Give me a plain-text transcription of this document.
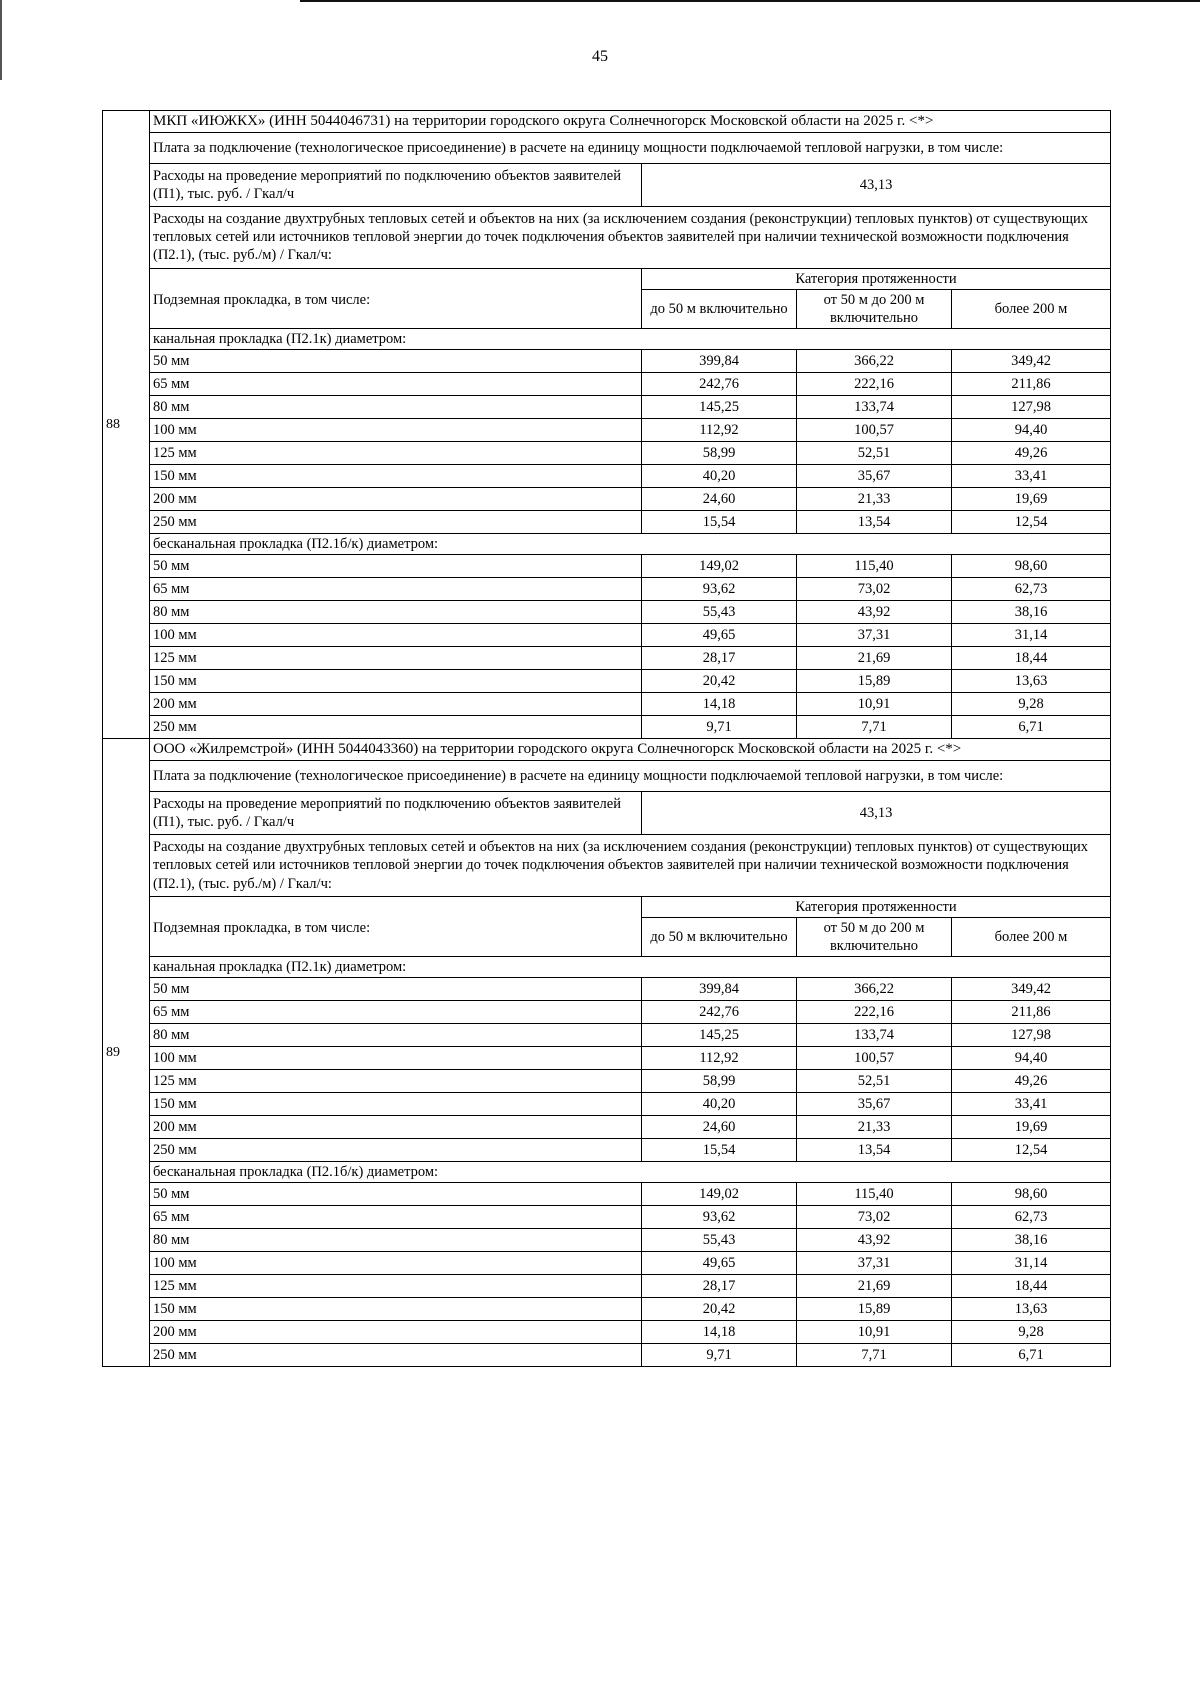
45
88	МКП «ИЮЖКХ» (ИНН 5044046731) на территории городского округа Солнечногорск Московской области на 2025 г. <*>			
	Плата за подключение (технологическое присоединение) в расчете на единицу мощности подключаемой тепловой нагрузки, в том числе:			
	Расходы на проведение мероприятий по подключению объектов заявителей (П1), тыс. руб. / Гкал/ч	43,13		
	Расходы на создание двухтрубных тепловых сетей и объектов на них (за исключением создания (реконструкции) тепловых пунктов) от существующих тепловых сетей или источников тепловой энергии до точек подключения объектов заявителей при наличии технической возможности подключения (П2.1), (тыс. руб./м) / Гкал/ч:			
	Подземная прокладка, в том числе:	Категория протяженности		
		до 50 м включительно	от 50 м до 200 м включительно	более 200 м
	канальная прокладка (П2.1к) диаметром:			
	50 мм	399,84	366,22	349,42
	65 мм	242,76	222,16	211,86
	80 мм	145,25	133,74	127,98
	100 мм	112,92	100,57	94,40
	125 мм	58,99	52,51	49,26
	150 мм	40,20	35,67	33,41
	200 мм	24,60	21,33	19,69
	250 мм	15,54	13,54	12,54
	бесканальная прокладка (П2.1б/к) диаметром:			
	50 мм	149,02	115,40	98,60
	65 мм	93,62	73,02	62,73
	80 мм	55,43	43,92	38,16
	100 мм	49,65	37,31	31,14
	125 мм	28,17	21,69	18,44
	150 мм	20,42	15,89	13,63
	200 мм	14,18	10,91	9,28
	250 мм	9,71	7,71	6,71
89	ООО «Жилремстрой» (ИНН 5044043360) на территории городского округа Солнечногорск Московской области на 2025 г. <*>			
	Плата за подключение (технологическое присоединение) в расчете на единицу мощности подключаемой тепловой нагрузки, в том числе:			
	Расходы на проведение мероприятий по подключению объектов заявителей (П1), тыс. руб. / Гкал/ч	43,13		
	Расходы на создание двухтрубных тепловых сетей и объектов на них (за исключением создания (реконструкции) тепловых пунктов) от существующих тепловых сетей или источников тепловой энергии до точек подключения объектов заявителей при наличии технической возможности подключения (П2.1), (тыс. руб./м) / Гкал/ч:			
	Подземная прокладка, в том числе:	Категория протяженности		
		до 50 м включительно	от 50 м до 200 м включительно	более 200 м
	канальная прокладка (П2.1к) диаметром:			
	50 мм	399,84	366,22	349,42
	65 мм	242,76	222,16	211,86
	80 мм	145,25	133,74	127,98
	100 мм	112,92	100,57	94,40
	125 мм	58,99	52,51	49,26
	150 мм	40,20	35,67	33,41
	200 мм	24,60	21,33	19,69
	250 мм	15,54	13,54	12,54
	бесканальная прокладка (П2.1б/к) диаметром:			
	50 мм	149,02	115,40	98,60
	65 мм	93,62	73,02	62,73
	80 мм	55,43	43,92	38,16
	100 мм	49,65	37,31	31,14
	125 мм	28,17	21,69	18,44
	150 мм	20,42	15,89	13,63
	200 мм	14,18	10,91	9,28
	250 мм	9,71	7,71	6,71
